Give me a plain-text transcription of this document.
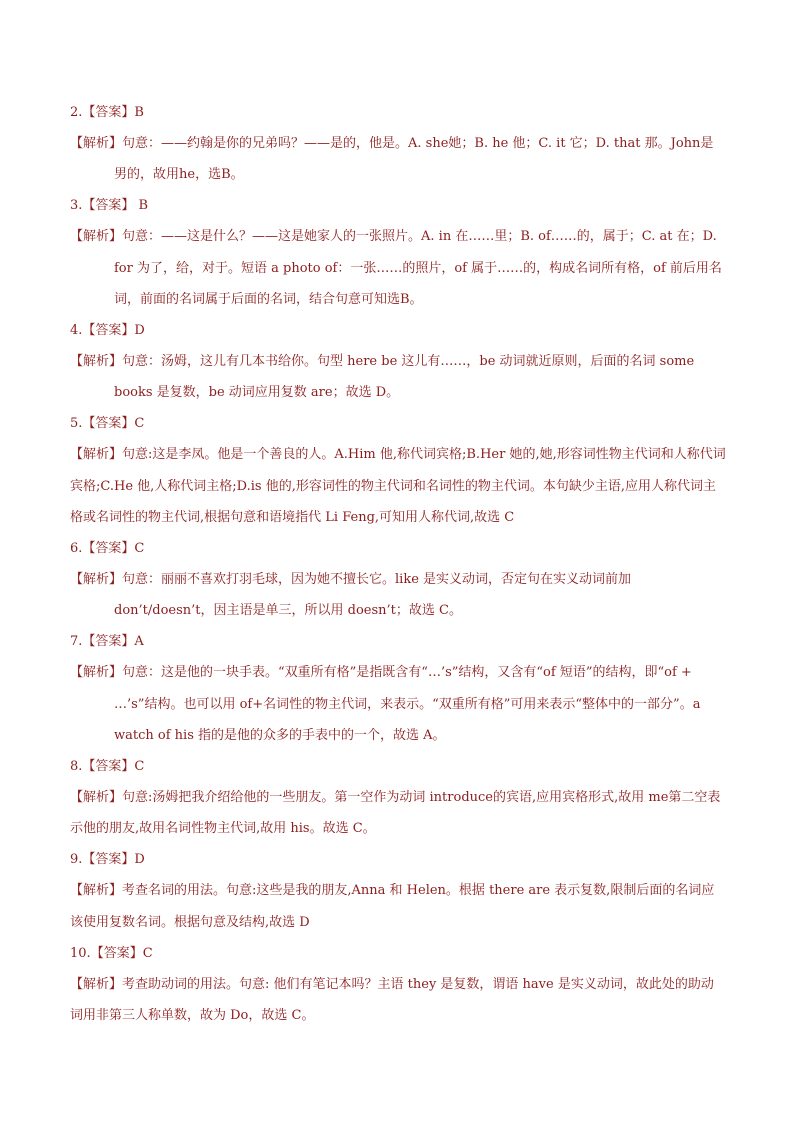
2.【答案】B

【解析】句意：——约翰是你的兄弟吗？——是的，他是。A. she她；B. he 他；C. it 它；D. that 那。John是男的，故用he，选B。

3.【答案】 B

【解析】句意：——这是什么？——这是她家人的一张照片。A. in 在……里；B. of……的，属于；C. at 在；D. for 为了，给，对于。短语 a photo of：一张……的照片，of 属于……的，构成名词所有格，of 前后用名词，前面的名词属于后面的名词，结合句意可知选B。

4.【答案】D

【解析】句意：汤姆，这儿有几本书给你。句型 here be 这儿有……，be 动词就近原则，后面的名词 some books 是复数，be 动词应用复数 are；故选 D。

5.【答案】C

【解析】句意:这是李凤。他是一个善良的人。A.Him 他,称代词宾格;B.Her 她的,她,形容词性物主代词和人称代词宾格;C.He 他,人称代词主格;D.is 他的,形容词性的物主代词和名词性的物主代词。本句缺少主语,应用人称代词主格或名词性的物主代词,根据句意和语境指代 Li Feng,可知用人称代词,故选 C

6.【答案】C

【解析】句意：丽丽不喜欢打羽毛球，因为她不擅长它。like 是实义动词，否定句在实义动词前加don’t/doesn’t，因主语是单三，所以用 doesn’t；故选 C。

7.【答案】A

【解析】句意：这是他的一块手表。“双重所有格”是指既含有“…’s”结构，又含有“of 短语”的结构，即“of + …’s”结构。也可以用 of+名词性的物主代词，来表示。“双重所有格”可用来表示“整体中的一部分”。a watch of his 指的是他的众多的手表中的一个，故选 A。

8.【答案】C

【解析】句意:汤姆把我介绍给他的一些朋友。第一空作为动词 introduce的宾语,应用宾格形式,故用 me第二空表示他的朋友,故用名词性物主代词,故用 his。故选 C。

9.【答案】D

【解析】考查名词的用法。句意:这些是我的朋友,Anna 和 Helen。根据 there are 表示复数,限制后面的名词应该使用复数名词。根据句意及结构,故选 D

10.【答案】C

【解析】考查助动词的用法。句意: 他们有笔记本吗？主语 they 是复数，谓语 have 是实义动词，故此处的助动词用非第三人称单数，故为 Do，故选 C。
